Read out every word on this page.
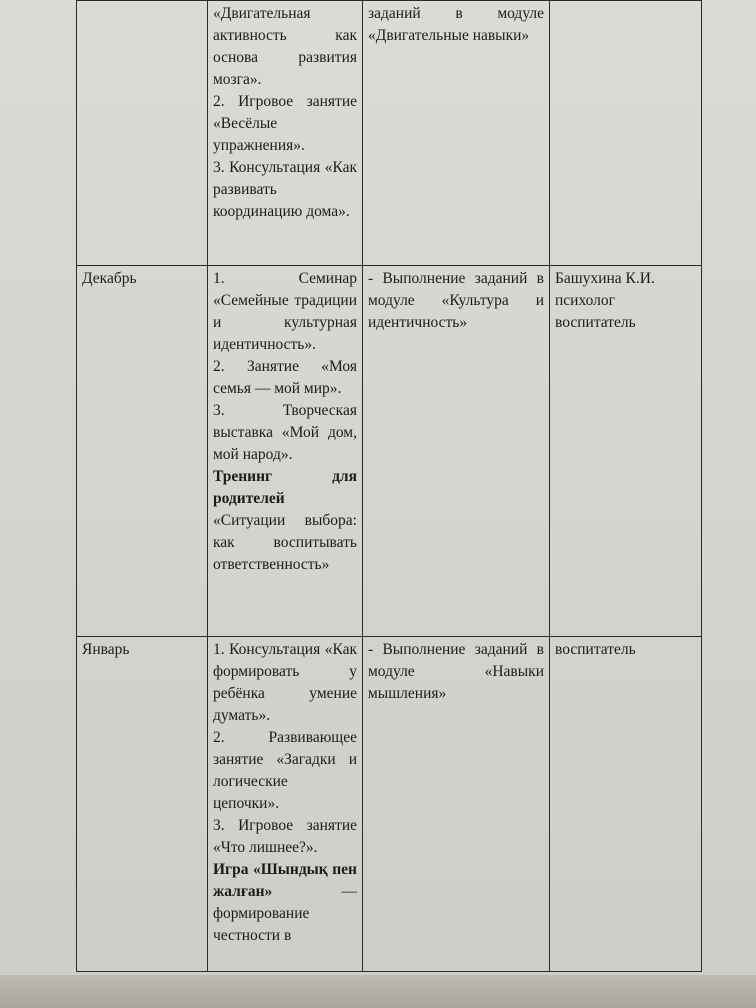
	«Двигательная активность как основа развития мозга».
2. Игровое занятие «Весёлые упражнения».
3. Консультация «Как развивать координацию дома».	заданий в модуле «Двигательные навыки»	
Декабрь	1. Семинар «Семейные традиции и культурная идентичность».
2. Занятие «Моя семья — мой мир».
3. Творческая выставка «Мой дом, мой народ».
Тренинг для родителей
«Ситуации выбора: как воспитывать ответственность»	- Выполнение заданий в модуле «Культура и идентичность»	Башухина К.И. психолог воспитатель
Январь	1. Консультация «Как формировать у ребёнка умение думать».
2. Развивающее занятие «Загадки и логические цепочки».
3. Игровое занятие «Что лишнее?».
Игра «Шындық пен жалған» — формирование честности в	- Выполнение заданий в модуле «Навыки мышления»	воспитатель
